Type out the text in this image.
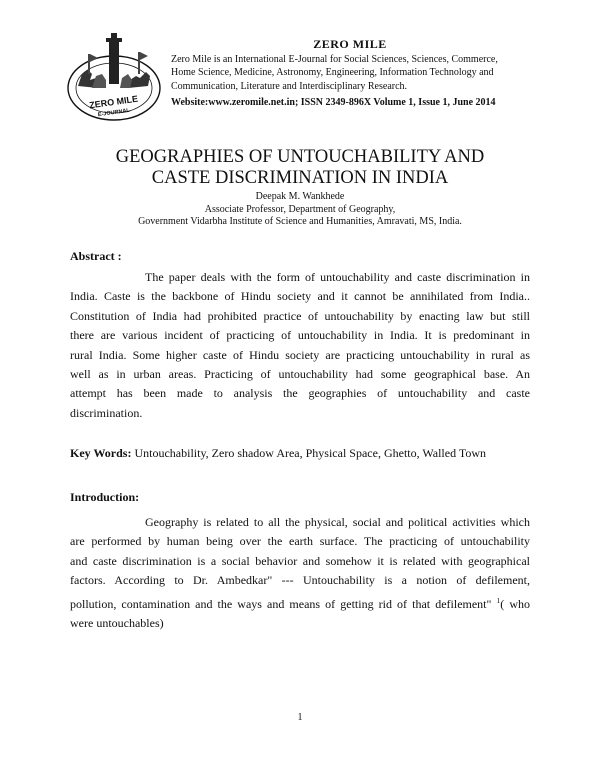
ZERO MILE
E-JOURNAL
ZERO MILE
Zero Mile is an International E-Journal for Social Sciences, Sciences, Commerce,
Home Science, Medicine, Astronomy, Engineering, Information Technology and
Communication, Literature and Interdisciplinary Research.
Website:www.zeromile.net.in; ISSN 2349-896X Volume 1, Issue 1, June 2014
GEOGRAPHIES OF UNTOUCHABILITY AND
CASTE DISCRIMINATION IN INDIA
Deepak M. Wankhede
Associate Professor, Department of Geography,
Government Vidarbha Institute of Science and Humanities, Amravati, MS, India.
Abstract :
The paper deals with the form of untouchability and caste discrimination in
India. Caste is the backbone of Hindu society and it cannot be annihilated from India..
Constitution of India had prohibited practice of untouchability by enacting law but still
there are various incident of practicing of untouchability in India. It is predominant in
rural India. Some higher caste of Hindu society are practicing untouchability in rural as
well as in urban areas. Practicing of untouchability had some geographical base. An
attempt has been made to analysis the geographies of untouchability and caste
discrimination.
Key Words: Untouchability, Zero shadow Area, Physical Space, Ghetto, Walled Town
Introduction:
Geography is related to all the physical, social and political activities which
are performed by human being over the earth surface. The practicing of untouchability
and caste discrimination is a social behavior and somehow it is related with geographical
factors. According to Dr. Ambedkar" --- Untouchability is a notion of defilement,
pollution, contamination and the ways and means of getting rid of that defilement" $^1$( who
were untouchables)
1
